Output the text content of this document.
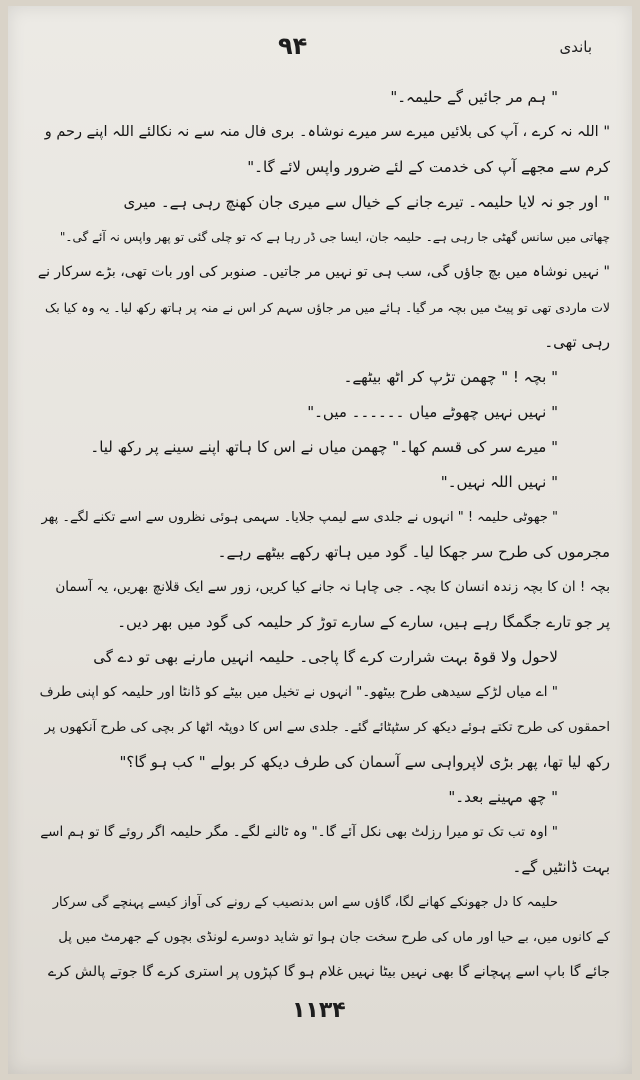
۹۴	باندی
" ہم مر جائیں گے حلیمہ۔"
" اللہ نہ کرے ، آپ کی بلائیں میرے سر میرے نوشاہ۔ بری فال منہ سے نہ نکالئے اللہ اپنے رحم و
کرم سے مجھے آپ کی خدمت کے لئے ضرور واپس لائے گا۔"
" اور جو نہ لایا حلیمہ۔ تیرے جانے کے خیال سے میری جان کھنچ رہی ہے۔ میری
چھاتی میں سانس گھٹی جا رہی ہے۔ حلیمہ جان، ایسا جی ڈر رہا ہے کہ تو چلی گئی تو پھر واپس نہ آئے گی۔"
" نہیں نوشاہ میں بچ جاؤں گی، سب ہی تو نہیں مر جاتیں۔ صنوبر کی اور بات تھی، بڑے سرکار نے
لات ماردی تھی تو پیٹ میں بچہ مر گیا۔ ہائے میں مر جاؤں سہم کر اس نے منہ پر ہاتھ رکھ لیا۔ یہ وہ کیا بک
رہی تھی۔
" بچہ ! " چھمن تڑپ کر اٹھ بیٹھے۔
" نہیں نہیں چھوٹے میاں ۔۔۔۔۔۔ میں۔"
" میرے سر کی قسم کھا۔" چھمن میاں نے اس کا ہاتھ اپنے سینے پر رکھ لیا۔
" نہیں اللہ نہیں۔"
" جھوٹی حلیمہ ! " انہوں نے جلدی سے لیمپ جلایا۔ سہمی ہوئی نظروں سے اسے تکنے لگے۔ پھر
مجرموں کی طرح سر جھکا لیا۔ گود میں ہاتھ رکھے بیٹھے رہے۔
بچہ ! ان کا بچہ زندہ انسان کا بچہ۔ جی چاہا نہ جانے کیا کریں، زور سے ایک قلانچ بھریں، یہ آسمان
پر جو تارے جگمگا رہے ہیں، سارے کے سارے توڑ کر حلیمہ کی گود میں بھر دیں۔
لاحول ولا قوۃ بہت شرارت کرے گا پاجی۔ حلیمہ انہیں مارنے بھی تو دے گی
" اے میاں لڑکے سیدھی طرح بیٹھو۔" انہوں نے تخیل میں بیٹے کو ڈانٹا اور حلیمہ کو اپنی طرف
احمقوں کی طرح تکتے ہوئے دیکھ کر سٹپٹائے گئے۔ جلدی سے اس کا دوپٹہ اٹھا کر بچی کی طرح آنکھوں پر
رکھ لیا تھا، پھر بڑی لاپرواہی سے آسمان کی طرف دیکھ کر بولے " کب ہو گا؟"
" چھ مہینے بعد۔"
" اوہ تب تک تو میرا رزلٹ بھی نکل آئے گا۔" وہ ٹالنے لگے۔ مگر حلیمہ اگر روئے گا تو ہم اسے
بہت ڈانٹیں گے۔
حلیمہ کا دل جھونکے کھانے لگا، گاؤں سے اس بدنصیب کے رونے کی آواز کیسے پہنچے گی سرکار
کے کانوں میں، بے حیا اور ماں کی طرح سخت جان ہوا تو شاید دوسرے لونڈی بچوں کے جھرمٹ میں پل
جائے گا باپ اسے پہچانے گا بھی نہیں بیٹا نہیں غلام ہو گا کپڑوں پر استری کرے گا جوتے پالش کرے
۱۱۳۴
